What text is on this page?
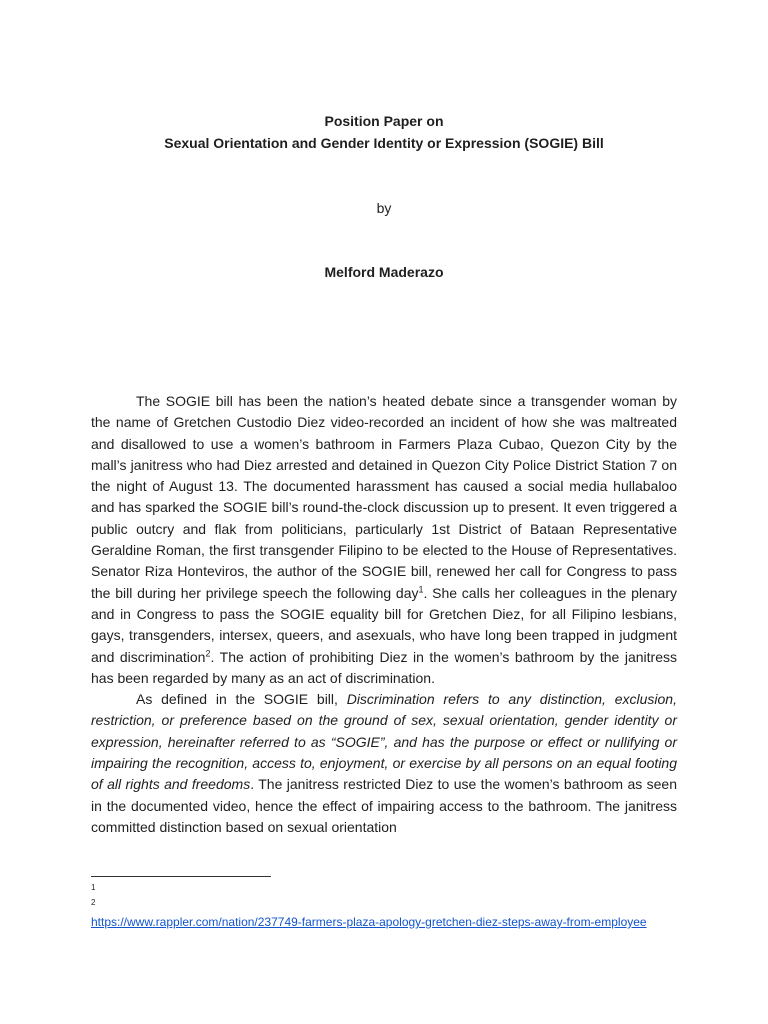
Position Paper on
Sexual Orientation and Gender Identity or Expression (SOGIE) Bill
by
Melford Maderazo

The SOGIE bill has been the nation’s heated debate since a transgender woman by the name of Gretchen Custodio Diez video-recorded an incident of how she was maltreated and disallowed to use a women’s bathroom in Farmers Plaza Cubao, Quezon City by the mall’s janitress who had Diez arrested and detained in Quezon City Police District Station 7 on the night of August 13. The documented harassment has caused a social media hullabaloo and has sparked the SOGIE bill’s round-the-clock discussion up to present. It even triggered a public outcry and flak from politicians, particularly 1st District of Bataan Representative Geraldine Roman, the first transgender Filipino to be elected to the House of Representatives. Senator Riza Honteviros, the author of the SOGIE bill, renewed her call for Congress to pass the bill during her privilege speech the following day$^1$. She calls her colleagues in the plenary and in Congress to pass the SOGIE equality bill for Gretchen Diez, for all Filipino lesbians, gays, transgenders, intersex, queers, and asexuals, who have long been trapped in judgment and discrimination$^2$. The action of prohibiting Diez in the women’s bathroom by the janitress has been regarded by many as an act of discrimination.

As defined in the SOGIE bill, Discrimination refers to any distinction, exclusion, restriction, or preference based on the ground of sex, sexual orientation, gender identity or expression, hereinafter referred to as “SOGIE”, and has the purpose or effect or nullifying or impairing the recognition, access to, enjoyment, or exercise by all persons on an equal footing of all rights and freedoms. The janitress restricted Diez to use the women’s bathroom as seen in the documented video, hence the effect of impairing access to the bathroom. The janitress committed distinction based on sexual orientation

1
2
https://www.rappler.com/nation/237749-farmers-plaza-apology-gretchen-diez-steps-away-from-employee
